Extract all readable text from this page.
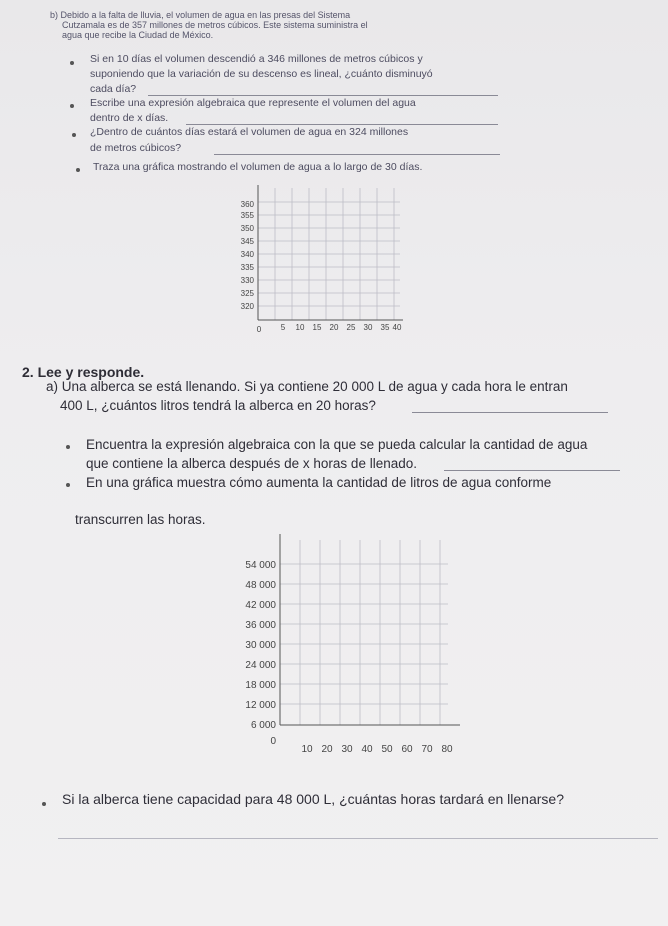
b) Debido a la falta de lluvia, el volumen de agua en las presas del Sistema
Cutzamala es de 357 millones de metros cúbicos. Este sistema suministra el
agua que recibe la Ciudad de México.
Si en 10 días el volumen descendió a 346 millones de metros cúbicos y
suponiendo que la variación de su descenso es lineal, ¿cuánto disminuyó
cada día?
Escribe una expresión algebraica que represente el volumen del agua
dentro de x días.
¿Dentro de cuántos días estará el volumen de agua en 324 millones
de metros cúbicos?
Traza una gráfica mostrando el volumen de agua a lo largo de 30 días.
360
355
350
345
340
335
330
325
320
0 5 10 15 20 25 30 35 40
2. Lee y responde.
a) Una alberca se está llenando. Si ya contiene 20 000 L de agua y cada hora le entran
400 L, ¿cuántos litros tendrá la alberca en 20 horas?
Encuentra la expresión algebraica con la que se pueda calcular la cantidad de agua
que contiene la alberca después de x horas de llenado.
En una gráfica muestra cómo aumenta la cantidad de litros de agua conforme
transcurren las horas.
54 000
48 000
42 000
36 000
30 000
24 000
18 000
12 000
6 000
0
10 20 30 40 50 60 70 80
Si la alberca tiene capacidad para 48 000 L, ¿cuántas horas tardará en llenarse?
